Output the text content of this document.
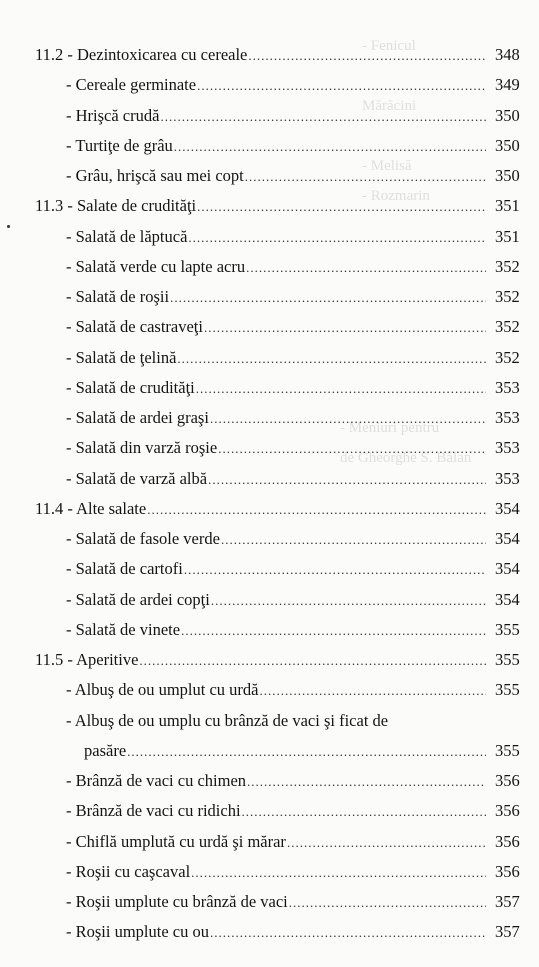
- Fenicul
Mărăcini
- Melisă
- Rozmarin
- Meniuri pentru
de Gheorghe S. Bălan
11.2 - Dezintoxicarea cu cereale .....	348
- Cereale germinate .....	349
- Hrişcă crudă .....	350
- Turtiţe de grâu .....	350
- Grâu, hrişcă sau mei copt .....	350
11.3 - Salate de crudităţi .....	351
- Salată de lăptucă .....	351
- Salată verde cu lapte acru .....	352
- Salată de roşii .....	352
- Salată de castraveţi .....	352
- Salată de ţelină .....	352
- Salată de crudităţi .....	353
- Salată de ardei graşi .....	353
- Salată din varză roşie .....	353
- Salată de varză albă .....	353
11.4 - Alte salate .....	354
- Salată de fasole verde .....	354
- Salată de cartofi .....	354
- Salată de ardei copţi .....	354
- Salată de vinete .....	355
11.5 - Aperitive .....	355
- Albuş de ou umplut cu urdă .....	355
- Albuş de ou umplu cu brânză de vaci şi ficat de
pasăre .....	355
- Brânză de vaci cu chimen .....	356
- Brânză de vaci cu ridichi .....	356
- Chiflă umplută cu urdă şi mărar .....	356
- Roşii cu caşcaval .....	356
- Roşii umplute cu brânză de vaci .....	357
- Roşii umplute cu ou .....	357
